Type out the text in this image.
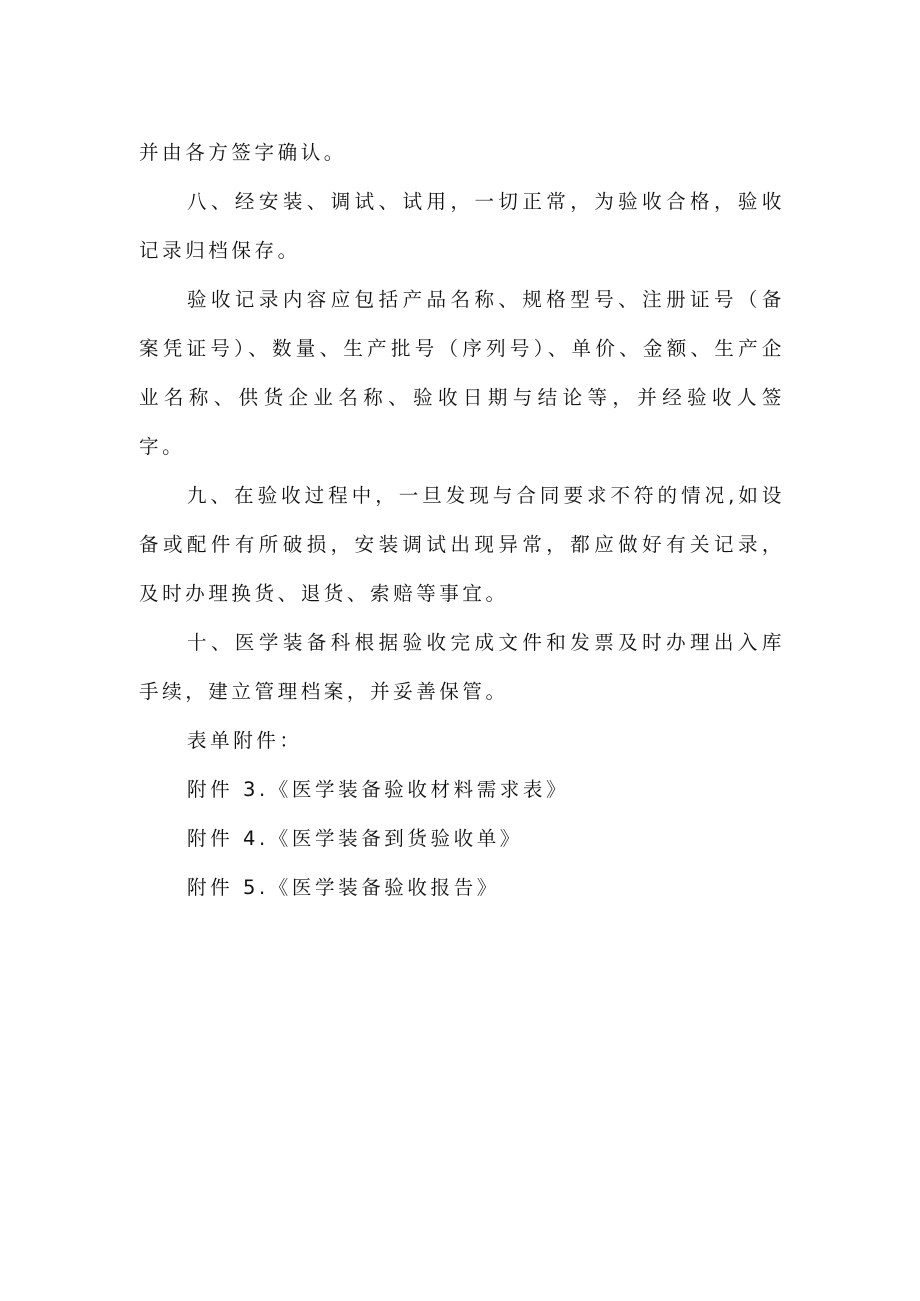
并由各方签字确认。

八、经安装、调试、试用，一切正常，为验收合格，验收记录归档保存。

验收记录内容应包括产品名称、规格型号、注册证号（备案凭证号）、数量、生产批号（序列号）、单价、金额、生产企业名称、供货企业名称、验收日期与结论等，并经验收人签字。

九、在验收过程中，一旦发现与合同要求不符的情况,如设备或配件有所破损，安装调试出现异常，都应做好有关记录，及时办理换货、退货、索赔等事宜。

十、医学装备科根据验收完成文件和发票及时办理出入库手续，建立管理档案，并妥善保管。

表单附件：

附件 3.《医学装备验收材料需求表》

附件 4.《医学装备到货验收单》

附件 5.《医学装备验收报告》
